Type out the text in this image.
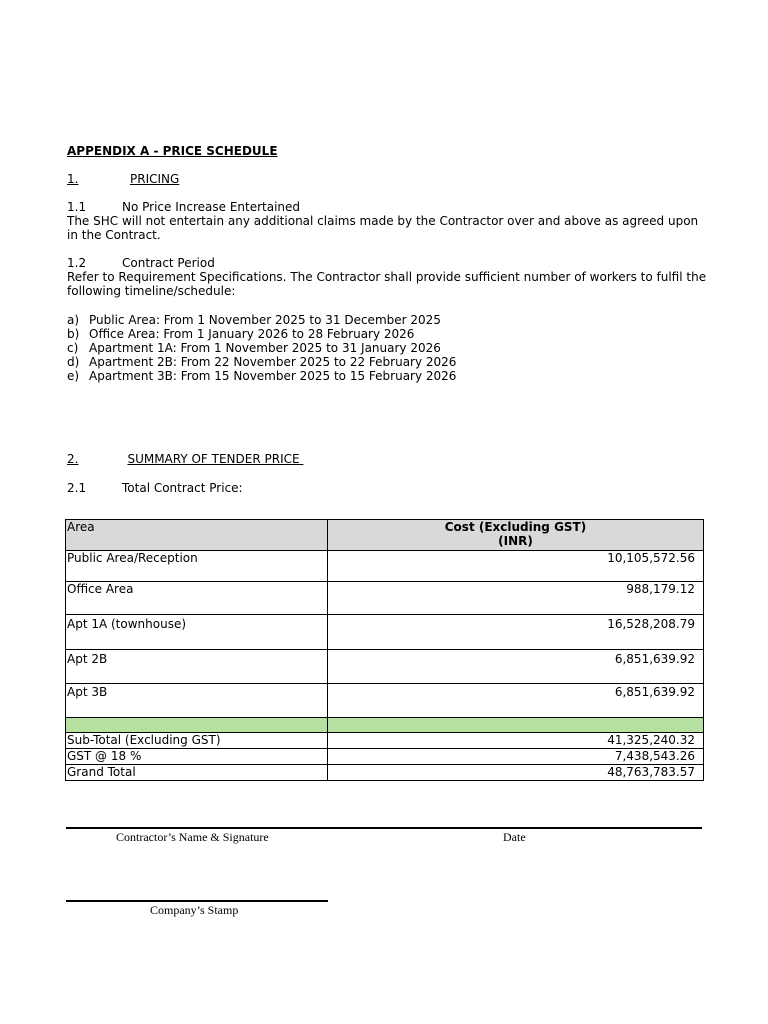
APPENDIX A - PRICE SCHEDULE
1.	PRICING
1.1	No Price Increase Entertained
The SHC will not entertain any additional claims made by the Contractor over and above as agreed upon in the Contract.
1.2	Contract Period
Refer to Requirement Specifications. The Contractor shall provide sufficient number of workers to fulfil the following timeline/schedule:
a) Public Area: From 1 November 2025 to 31 December 2025
b) Office Area: From 1 January 2026 to 28 February 2026
c) Apartment 1A: From 1 November 2025 to 31 January 2026
d) Apartment 2B: From 22 November 2025 to 22 February 2026
e) Apartment 3B: From 15 November 2025 to 15 February 2026
2.	SUMMARY OF TENDER PRICE
2.1	Total Contract Price:
Area	Cost (Excluding GST)
(INR)

Public Area/Reception	10,105,572.56
Office Area	988,179.12
Apt 1A (townhouse)	16,528,208.79
Apt 2B	6,851,639.92
Apt 3B	6,851,639.92

Sub-Total (Excluding GST)	41,325,240.32
GST @ 18 %	7,438,543.26
Grand Total	48,763,783.57
Contractor’s Name & Signature	Date
Company’s Stamp
